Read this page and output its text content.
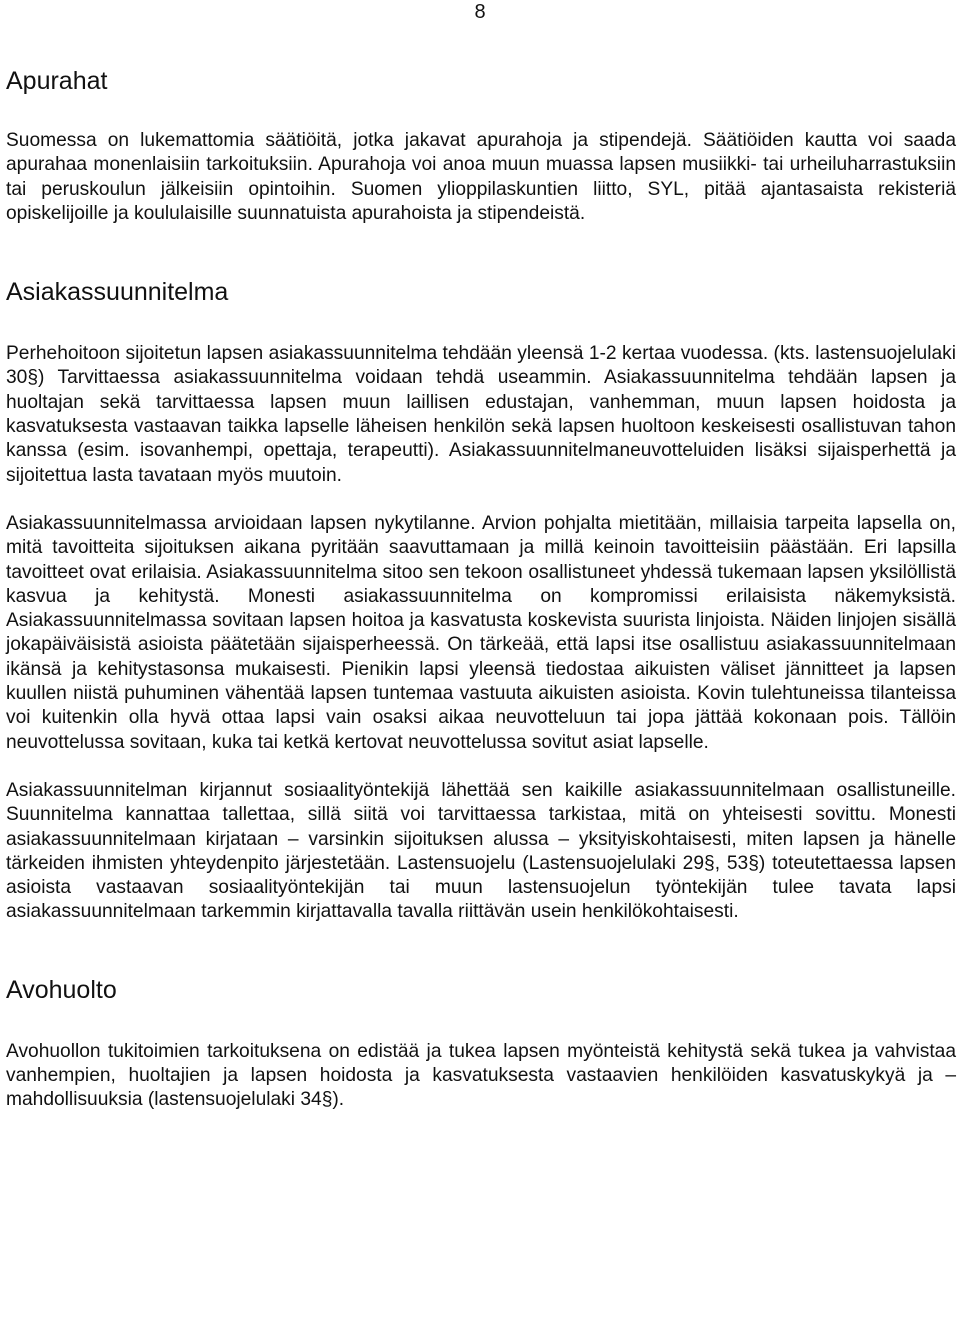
8
Apurahat

Suomessa on lukemattomia säätiöitä, jotka jakavat apurahoja ja stipendejä. Säätiöiden kautta voi saada apurahaa monenlaisiin tarkoituksiin. Apurahoja voi anoa muun muassa lapsen musiikki- tai urheiluharrastuksiin tai peruskoulun jälkeisiin opintoihin. Suomen ylioppilaskuntien liitto, SYL, pitää ajantasaista rekisteriä opiskelijoille ja koululaisille suunnatuista apurahoista ja stipendeistä.

Asiakassuunnitelma

Perhehoitoon sijoitetun lapsen asiakassuunnitelma tehdään yleensä 1-2 kertaa vuodessa. (kts. lastensuojelulaki 30§) Tarvittaessa asiakassuunnitelma voidaan tehdä useammin. Asiakassuunnitelma tehdään lapsen ja huoltajan sekä tarvittaessa lapsen muun laillisen edustajan, vanhemman, muun lapsen hoidosta ja kasvatuksesta vastaavan taikka lapselle läheisen henkilön sekä lapsen huoltoon keskeisesti osallistuvan tahon kanssa (esim. isovanhempi, opettaja, terapeutti). Asiakassuunnitelmaneuvotteluiden lisäksi sijaisperhettä ja sijoitettua lasta tavataan myös muutoin.

Asiakassuunnitelmassa arvioidaan lapsen nykytilanne. Arvion pohjalta mietitään, millaisia tarpeita lapsella on, mitä tavoitteita sijoituksen aikana pyritään saavuttamaan ja millä keinoin tavoitteisiin päästään. Eri lapsilla tavoitteet ovat erilaisia. Asiakassuunnitelma sitoo sen tekoon osallistuneet yhdessä tukemaan lapsen yksilöllistä kasvua ja kehitystä. Monesti asiakassuunnitelma on kompromissi erilaisista näkemyksistä. Asiakassuunnitelmassa sovitaan lapsen hoitoa ja kasvatusta koskevista suurista linjoista. Näiden linjojen sisällä jokapäiväisistä asioista päätetään sijaisperheessä. On tärkeää, että lapsi itse osallistuu asiakassuunnitelmaan ikänsä ja kehitystasonsa mukaisesti. Pienikin lapsi yleensä tiedostaa aikuisten väliset jännitteet ja lapsen kuullen niistä puhuminen vähentää lapsen tuntemaa vastuuta aikuisten asioista. Kovin tulehtuneissa tilanteissa voi kuitenkin olla hyvä ottaa lapsi vain osaksi aikaa neuvotteluun tai jopa jättää kokonaan pois. Tällöin neuvottelussa sovitaan, kuka tai ketkä kertovat neuvottelussa sovitut asiat lapselle.

Asiakassuunnitelman kirjannut sosiaalityöntekijä lähettää sen kaikille asiakassuunnitelmaan osallistuneille. Suunnitelma kannattaa tallettaa, sillä siitä voi tarvittaessa tarkistaa, mitä on yhteisesti sovittu. Monesti asiakassuunnitelmaan kirjataan – varsinkin sijoituksen alussa – yksityiskohtaisesti, miten lapsen ja hänelle tärkeiden ihmisten yhteydenpito järjestetään. Lastensuojelu (Lastensuojelulaki 29§, 53§) toteutettaessa lapsen asioista vastaavan sosiaalityöntekijän tai muun lastensuojelun työntekijän tulee tavata lapsi asiakassuunnitelmaan tarkemmin kirjattavalla tavalla riittävän usein henkilökohtaisesti.

Avohuolto

Avohuollon tukitoimien tarkoituksena on edistää ja tukea lapsen myönteistä kehitystä sekä tukea ja vahvistaa vanhempien, huoltajien ja lapsen hoidosta ja kasvatuksesta vastaavien henkilöiden kasvatuskykyä ja –mahdollisuuksia (lastensuojelulaki 34§).
